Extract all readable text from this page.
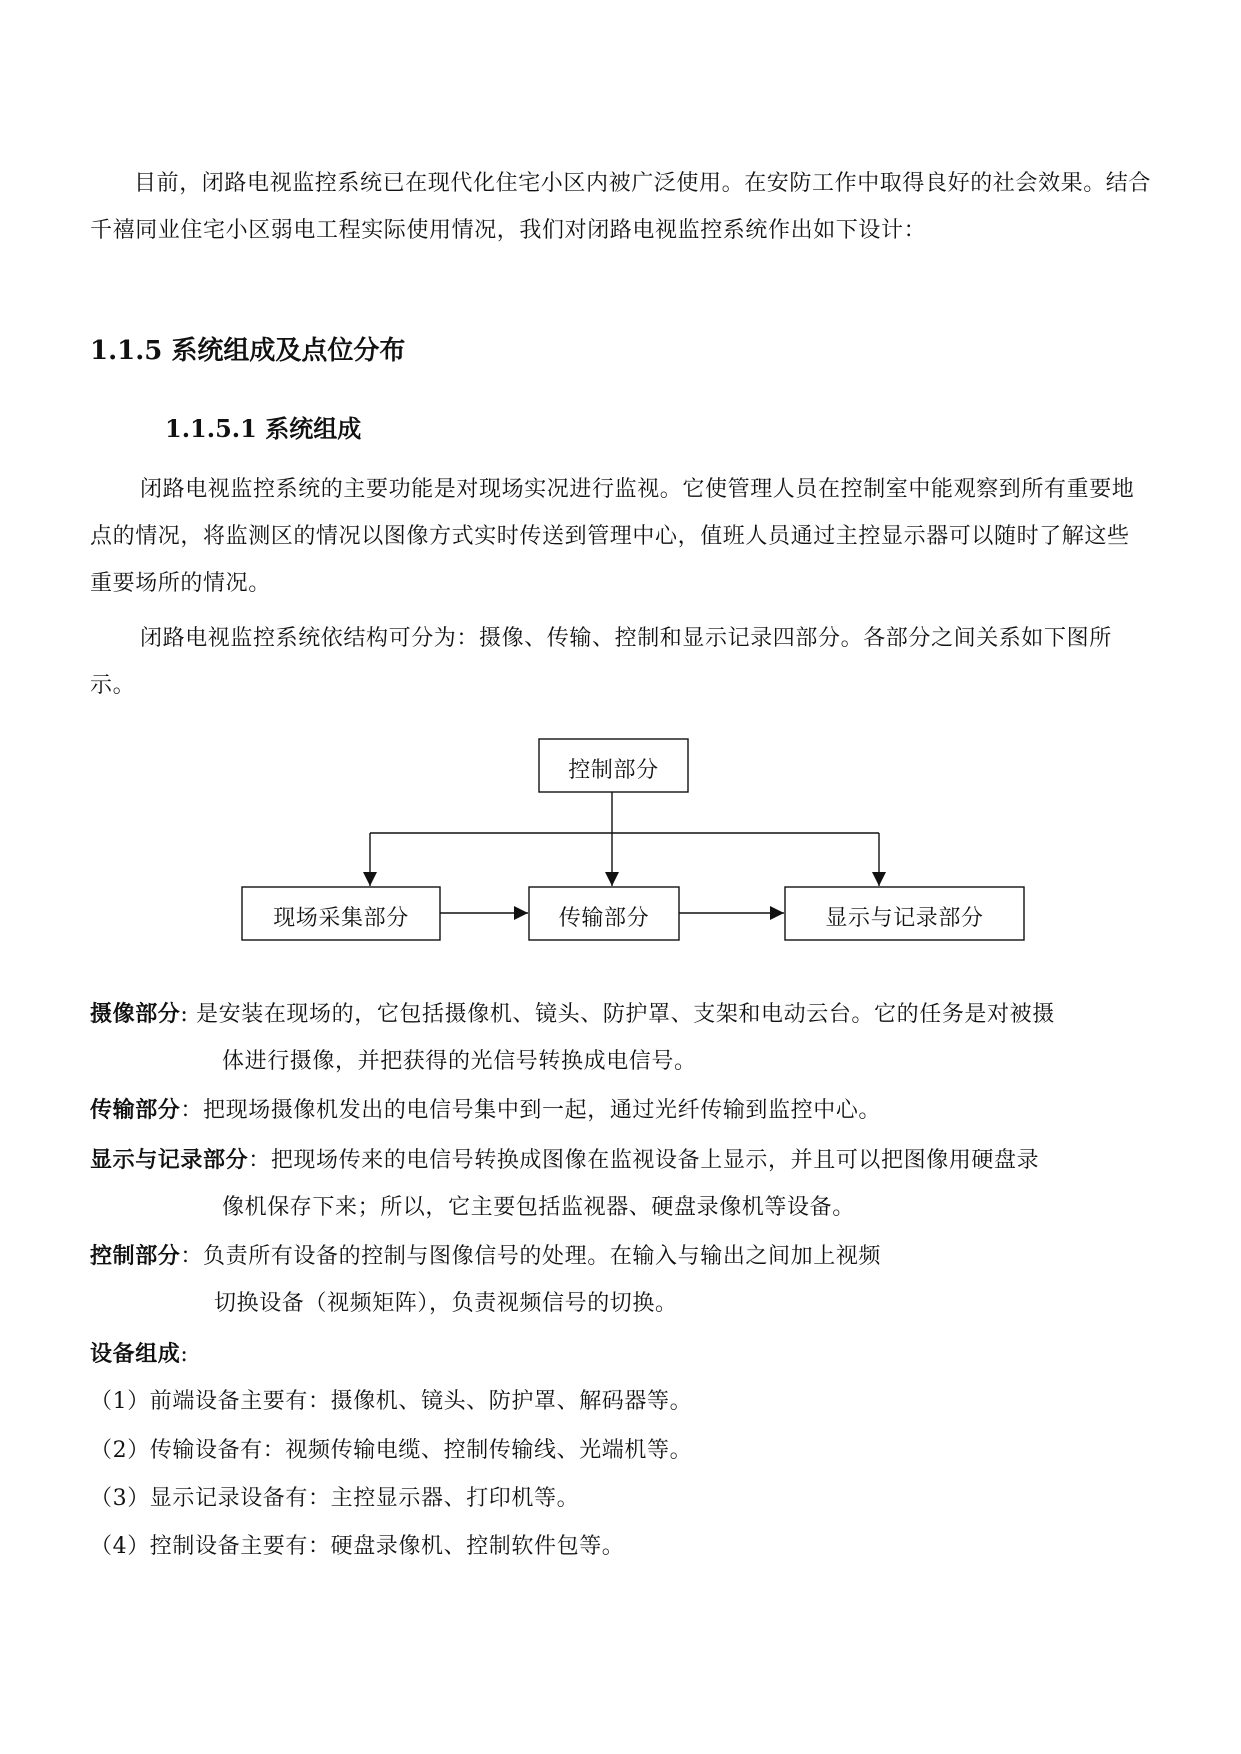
目前，闭路电视监控系统已在现代化住宅小区内被广泛使用。在安防工作中取得良好的社会效果。结合千禧同业住宅小区弱电工程实际使用情况，我们对闭路电视监控系统作出如下设计：
1.1.5 系统组成及点位分布
1.1.5.1 系统组成
闭路电视监控系统的主要功能是对现场实况进行监视。它使管理人员在控制室中能观察到所有重要地点的情况，将监测区的情况以图像方式实时传送到管理中心，值班人员通过主控显示器可以随时了解这些重要场所的情况。
闭路电视监控系统依结构可分为：摄像、传输、控制和显示记录四部分。各部分之间关系如下图所示。
控制部分
现场采集部分	传输部分	显示与记录部分
摄像部分: 是安装在现场的，它包括摄像机、镜头、防护罩、支架和电动云台。它的任务是对被摄
体进行摄像，并把获得的光信号转换成电信号。
传输部分：把现场摄像机发出的电信号集中到一起，通过光纤传输到监控中心。
显示与记录部分：把现场传来的电信号转换成图像在监视设备上显示，并且可以把图像用硬盘录
像机保存下来；所以，它主要包括监视器、硬盘录像机等设备。
控制部分：负责所有设备的控制与图像信号的处理。在输入与输出之间加上视频
切换设备（视频矩阵），负责视频信号的切换。
设备组成:
（1）前端设备主要有：摄像机、镜头、防护罩、解码器等。
（2）传输设备有：视频传输电缆、控制传输线、光端机等。
（3）显示记录设备有：主控显示器、打印机等。
（4）控制设备主要有：硬盘录像机、控制软件包等。
